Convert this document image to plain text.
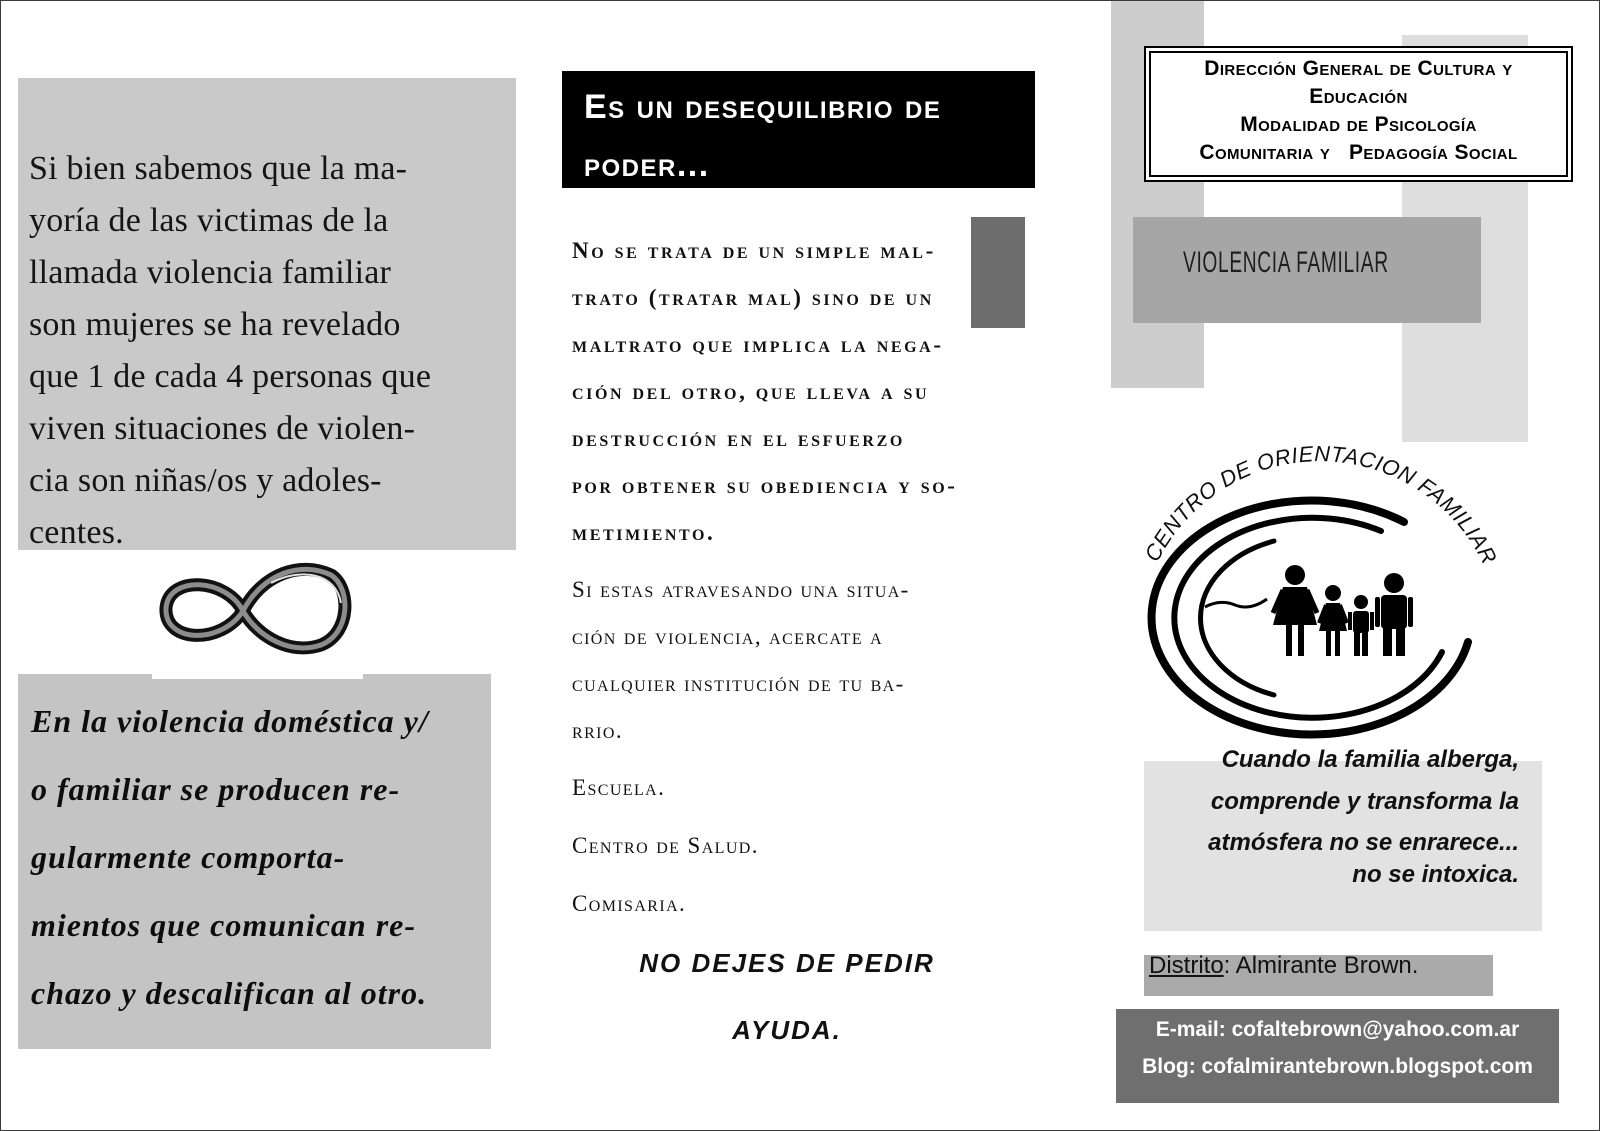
Si bien sabemos que la ma-
yoría de las victimas de la
llamada violencia familiar
son mujeres se ha revelado
que 1 de cada 4 personas que
viven situaciones de violen-
cia son niñas/os y adoles-
centes.
En la violencia doméstica y/
o familiar se producen re-
gularmente comporta-
mientos que comunican re-
chazo y descalifican al otro.
Es un desequilibrio de
poder...
No se trata de un simple mal-
trato (tratar mal) sino de un
maltrato que implica la nega-
ción del otro, que lleva a su
destrucción en el esfuerzo
por obtener su obediencia y so-
metimiento.
Si estas atravesando una situa-
ción de violencia, acercate a
cualquier institución de tu ba-
rrio.
Escuela.
Centro de Salud.
Comisaria.
NO DEJES DE PEDIR
AYUDA.
Dirección General de Cultura y
Educación
Modalidad de Psicología
Comunitaria y   Pedagogía Social
VIOLENCIA FAMILIAR
CENTRO DE ORIENTACION FAMILIAR
Cuando la familia alberga,
comprende y transforma la
atmósfera no se enrarece...
no se intoxica.
Distrito: Almirante Brown.
E-mail: cofaltebrown@yahoo.com.ar
Blog: cofalmirantebrown.blogspot.com
